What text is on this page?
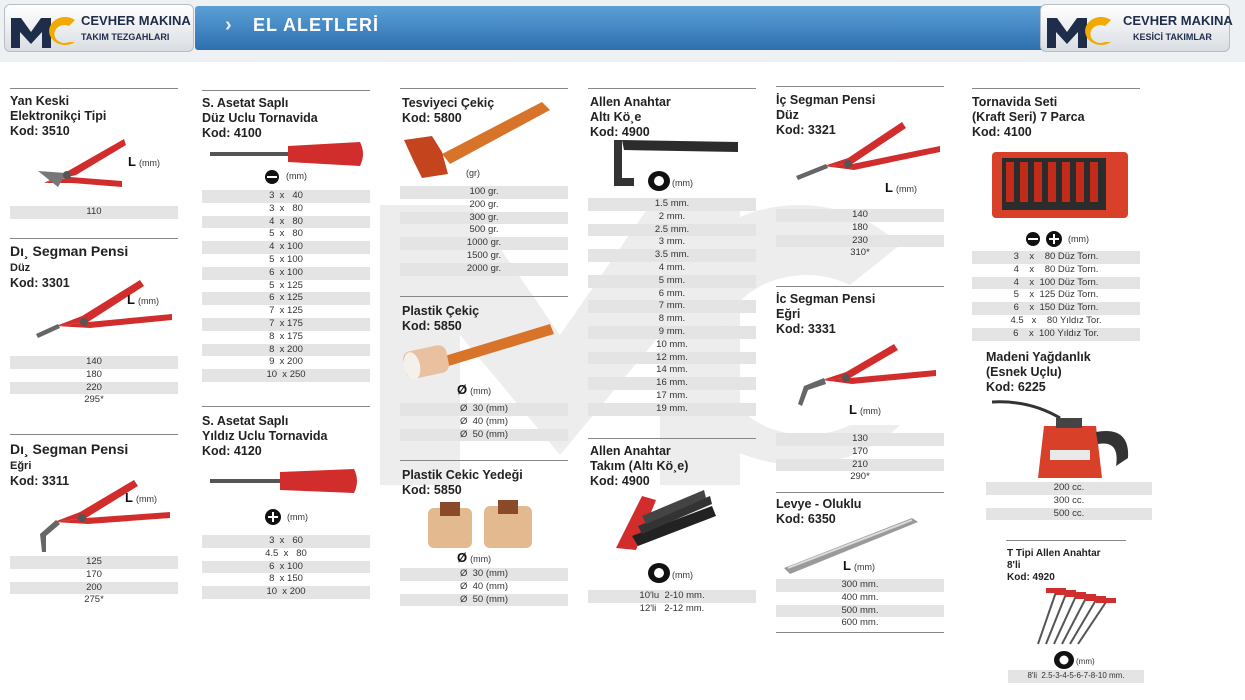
CEVHER MAKINA
TAKIM TEZGAHLARI
› EL ALETLERİ	CEVHER MAKINA
KESİCİ TAKIMLAR
Yan Keski
Elektronikçi Tipi
Kod: 3510
L (mm)
110
Dı¸ Segman Pensi
Düz
Kod: 3301
L (mm)
140
180
220
295*
Dı¸ Segman Pensi
Eğri
Kod: 3311
L (mm)
125
170
200
275*
S. Asetat Saplı
Düz Uclu Tornavida
Kod: 4100
(mm)
3  x   40
3  x   80
4  x   80
5  x   80
4  x 100
5  x 100
6  x 100
5  x 125
6  x 125
7  x 125
7  x 175
8  x 175
8  x 200
9  x 200
10  x 250
S. Asetat Saplı
Yıldız Uclu Tornavida
Kod: 4120
(mm)
3  x   60
4.5  x   80
6  x 100
8  x 150
10  x 200
Tesviyeci Çekiç
Kod: 5800
(gr)
100 gr.
200 gr.
300 gr.
500 gr.
1000 gr.
1500 gr.
2000 gr.
Plastik Çekiç
Kod: 5850
Ø (mm)
Ø  30 (mm)
Ø  40 (mm)
Ø  50 (mm)
Plastik Cekic Yedeği
Kod: 5850
Ø (mm)
Ø  30 (mm)
Ø  40 (mm)
Ø  50 (mm)
Allen Anahtar
Altı Kö¸e
Kod: 4900
(mm)
1.5 mm.
2 mm.
2.5 mm.
3 mm.
3.5 mm.
4 mm.
5 mm.
6 mm.
7 mm.
8 mm.
9 mm.
10 mm.
12 mm.
14 mm.
16 mm.
17 mm.
19 mm.
Allen Anahtar
Takım (Altı Kö¸e)
Kod: 4900
(mm)
10'lu  2-10 mm.
12'li   2-12 mm.
İç Segman Pensi
Düz
Kod: 3321
L (mm)
140
180
230
310*
İc Segman Pensi
Eğri
Kod: 3331
L (mm)
130
170
210
290*
Levye - Oluklu
Kod: 6350
L (mm)
300 mm.
400 mm.
500 mm.
600 mm.
Tornavida Seti
(Kraft Seri) 7 Parca
Kod: 4100
(mm)
3    x    80 Düz Torn.
4    x    80 Düz Torn.
4    x  100 Düz Torn.
5    x  125 Düz Torn.
6    x  150 Düz Torn.
4.5   x    80 Yıldız Tor.
6    x  100 Yıldız Tor.
Madeni Yağdanlık
(Esnek Uçlu)
Kod: 6225
200 cc.
300 cc.
500 cc.
T Tipi Allen Anahtar
8'li
Kod: 4920
(mm)
8'li  2.5-3-4-5-6-7-8-10 mm.
